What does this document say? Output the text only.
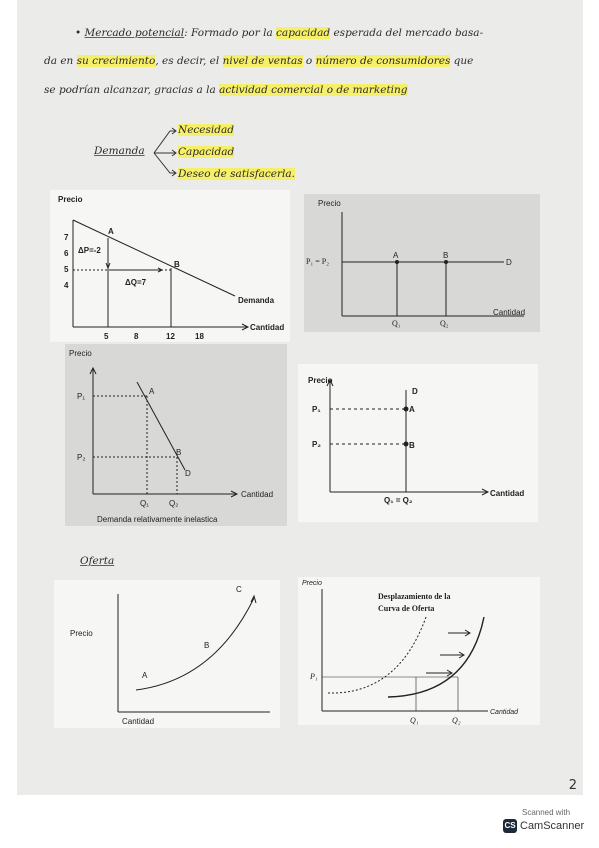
• Mercado potencial: Formado por la capacidad esperada del mercado basa-
da en su crecimiento, es decir, el nivel de ventas o número de consumidores que
se podrían alcanzar, gracias a la actividad comercial o de marketing
Demanda
Necesidad
Capacidad
Deseo de satisfacerla.
Precio
7
6
5
4
A
B
ΔP=-2
ΔQ=7
Demanda
Cantidad
5	8	12	18
Precio
P₁ = P₂
A	B
D
Cantidad
Q₁	Q₂
Precio
A
B
D
P₁
P₂
Cantidad
Q₁	Q₂
Demanda relativamente inelastica
Precio
D
A
B
P₁
P₂
Cantidad
Q₁ = Q₂
Oferta
Precio
Cantidad
A
B
C
Precio
Desplazamiento de la
Curva de Oferta
P₁
Cantidad
Q₁	Q₂
2
Scanned with
CS CamScanner
